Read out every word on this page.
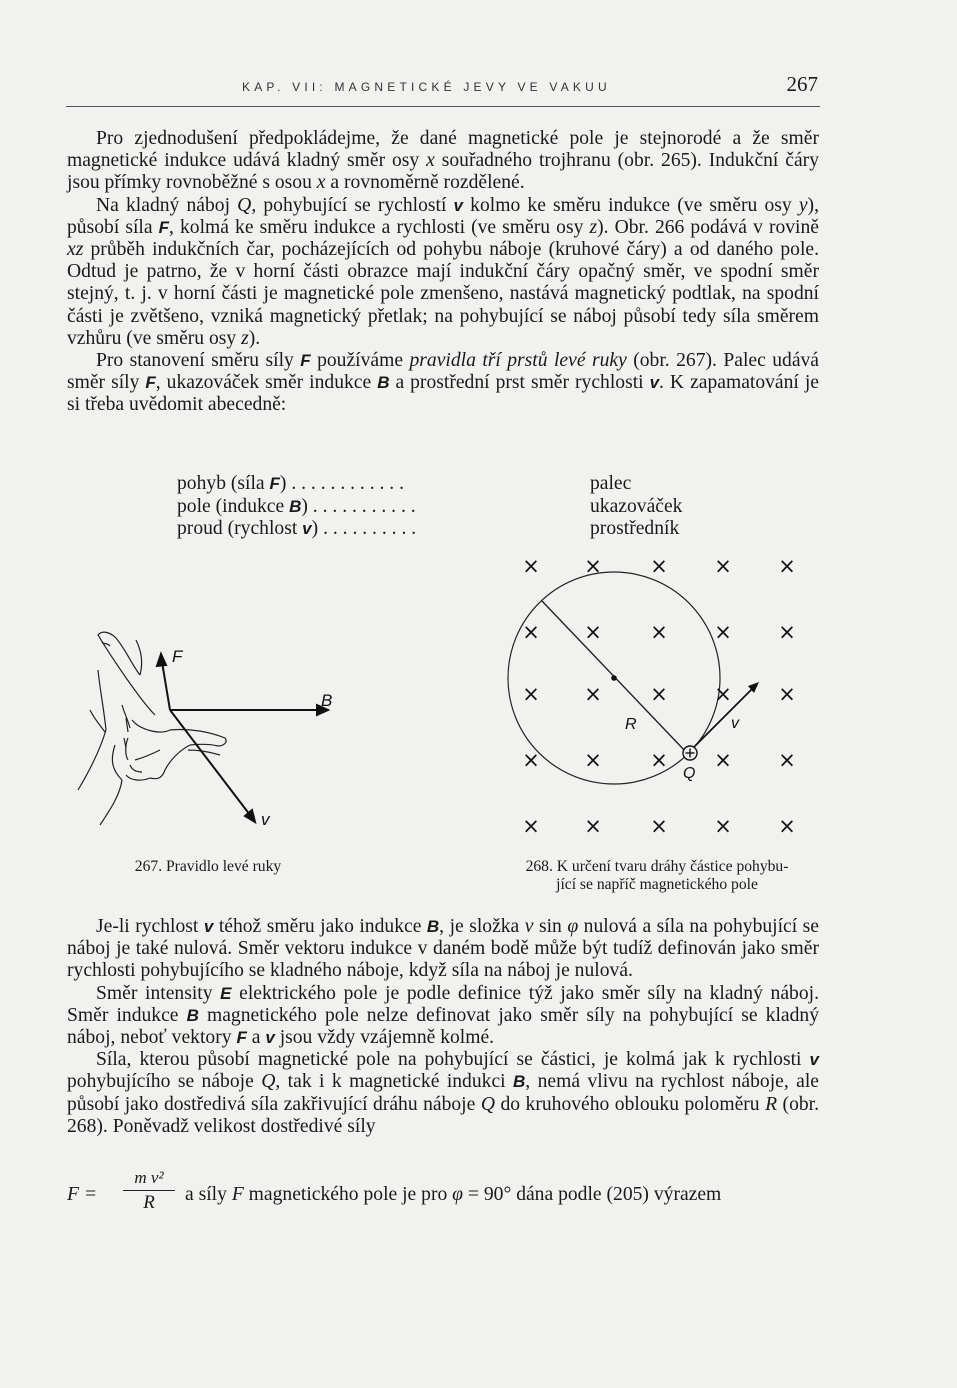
KAP. VII: MAGNETICKÉ JEVY VE VAKUU	267

Pro zjednodušení předpokládejme, že dané magnetické pole je stejnorodé a že směr magnetické indukce udává kladný směr osy x souřadného trojhranu (obr. 265). Indukční čáry jsou přímky rovnoběžné s osou x a rovnoměrně rozdělené.

Na kladný náboj Q, pohybující se rychlostí v kolmo ke směru indukce (ve směru osy y), působí síla F, kolmá ke směru indukce a rychlosti (ve směru osy z). Obr. 266 podává v rovině xz průběh indukčních čar, pocházejících od pohybu náboje (kruhové čáry) a od daného pole. Odtud je patrno, že v horní části obrazce mají indukční čáry opačný směr, ve spodní směr stejný, t. j. v horní části je magnetické pole zmenšeno, nastává magnetický podtlak, na spodní části je zvětšeno, vzniká magnetický přetlak; na pohybující se náboj působí tedy síla směrem vzhůru (ve směru osy z).

Pro stanovení směru síly F používáme pravidla tří prstů levé ruky (obr. 267). Palec udává směr síly F, ukazováček směr indukce B a prostřední prst směr rychlosti v. K zapamatování je si třeba uvědomit abecedně:

pohyb (síla F) . . . . . . . . . . . .	palec
pole (indukce B) . . . . . . . . . . .	ukazováček
proud (rychlost v) . . . . . . . . . .	prostředník
F
B
v
267. Pravidlo levé ruky
× × × × ×
× × × × ×
× × × × ×
× × × × ×
× × × × ×
R	v
Q
268. K určení tvaru dráhy částice pohybu-
jící se napříč magnetického pole

Je-li rychlost v téhož směru jako indukce B, je složka v sin φ nulová a síla na pohybující se náboj je také nulová. Směr vektoru indukce v daném bodě může být tudíž definován jako směr rychlosti pohybujícího se kladného náboje, když síla na náboj je nulová.

Směr intensity E elektrického pole je podle definice týž jako směr síly na kladný náboj. Směr indukce B magnetického pole nelze definovat jako směr síly na pohybující se kladný náboj, neboť vektory F a v jsou vždy vzájemně kolmé.

Síla, kterou působí magnetické pole na pohybující se částici, je kolmá jak k rychlosti v pohybujícího se náboje Q, tak i k magnetické indukci B, nemá vlivu na rychlost náboje, ale působí jako dostředivá síla zakřivující dráhu náboje Q do kruhového oblouku poloměru R (obr. 268). Poněvadž velikost dostředivé síly

F =
m v²
R	a síly F magnetického pole je pro φ = 90° dána podle (205) výrazem
